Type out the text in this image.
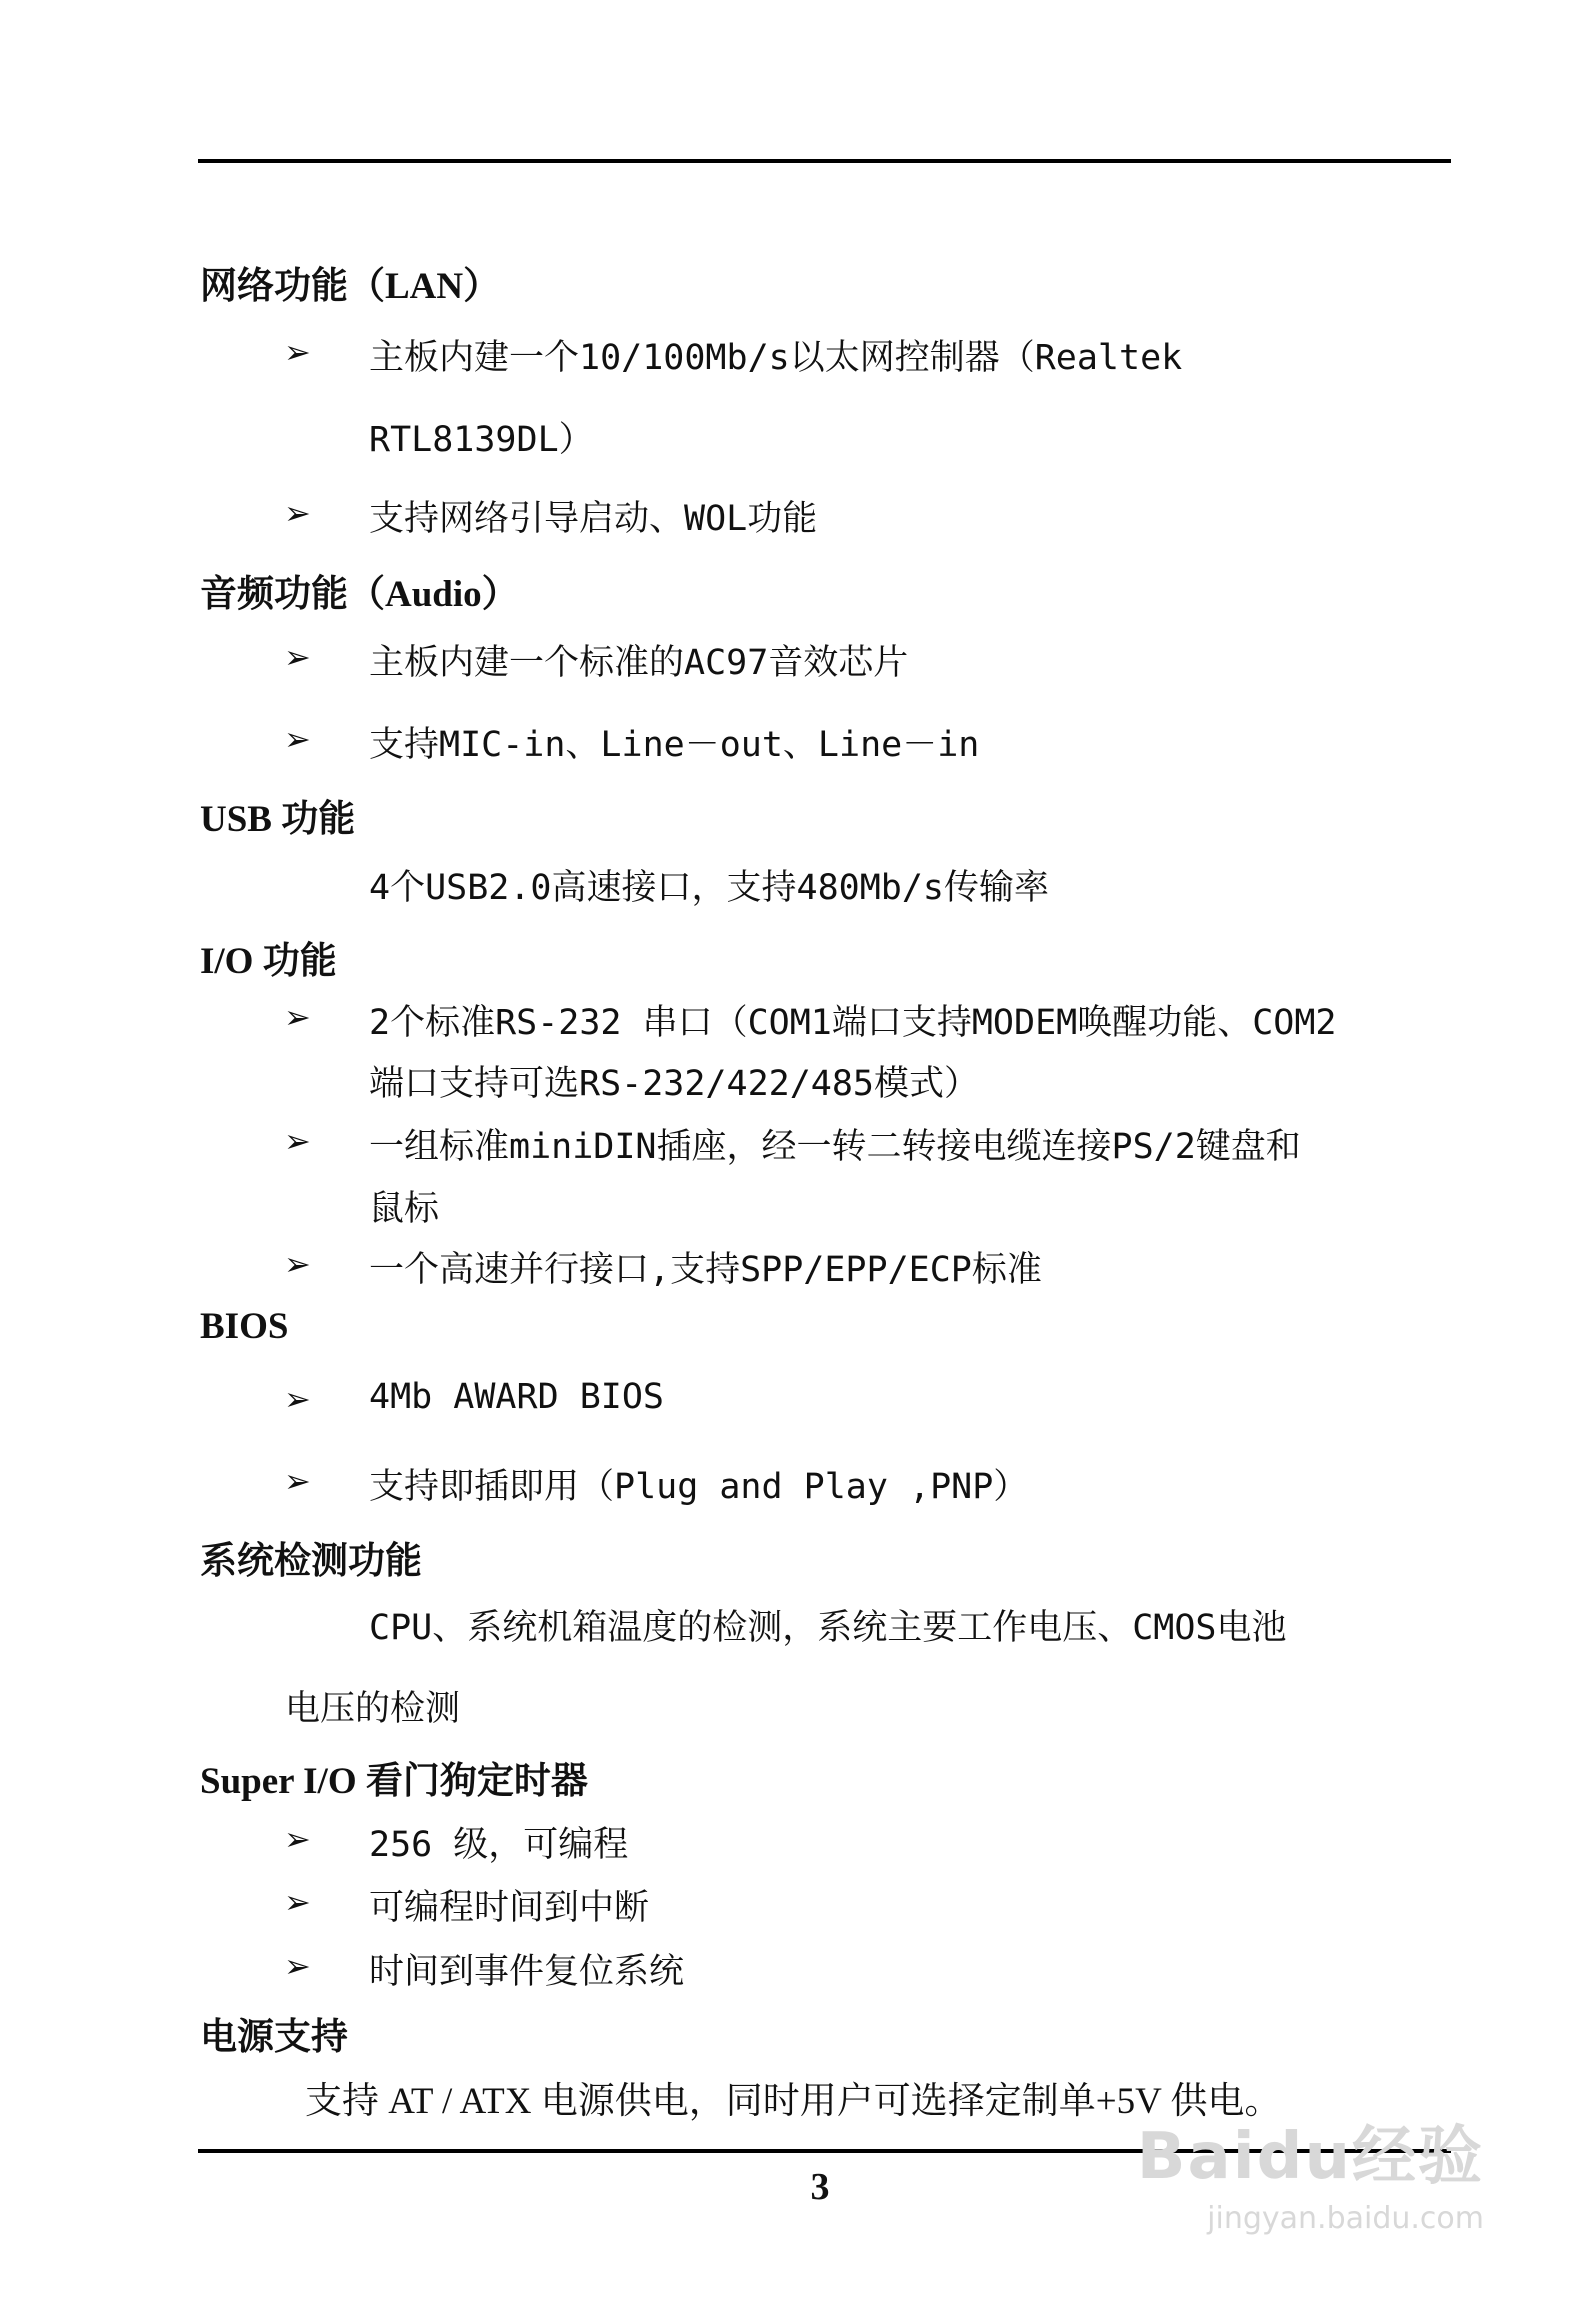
网络功能（LAN）
➢ 主板内建一个10/100Mb/s以太网控制器（Realtek
RTL8139DL）
➢ 支持网络引导启动、WOL功能
音频功能（Audio）
➢ 主板内建一个标准的AC97音效芯片
➢ 支持MIC-in、Line－out、Line－in
USB 功能
4个USB2.0高速接口，支持480Mb/s传输率
I/O 功能
➢ 2个标准RS-232 串口（COM1端口支持MODEM唤醒功能、COM2
端口支持可选RS-232/422/485模式）
➢ 一组标准miniDIN插座，经一转二转接电缆连接PS/2键盘和
鼠标
➢ 一个高速并行接口,支持SPP/EPP/ECP标准
BIOS
➢ 4Mb AWARD BIOS
➢ 支持即插即用（Plug and Play ,PNP）
系统检测功能
CPU、系统机箱温度的检测，系统主要工作电压、CMOS电池
电压的检测
Super I/O 看门狗定时器
➢ 256 级，可编程
➢ 可编程时间到中断
➢ 时间到事件复位系统
电源支持
支持 AT / ATX 电源供电，同时用户可选择定制单+5V 供电。
3	Baidu经验
jingyan.baidu.com
